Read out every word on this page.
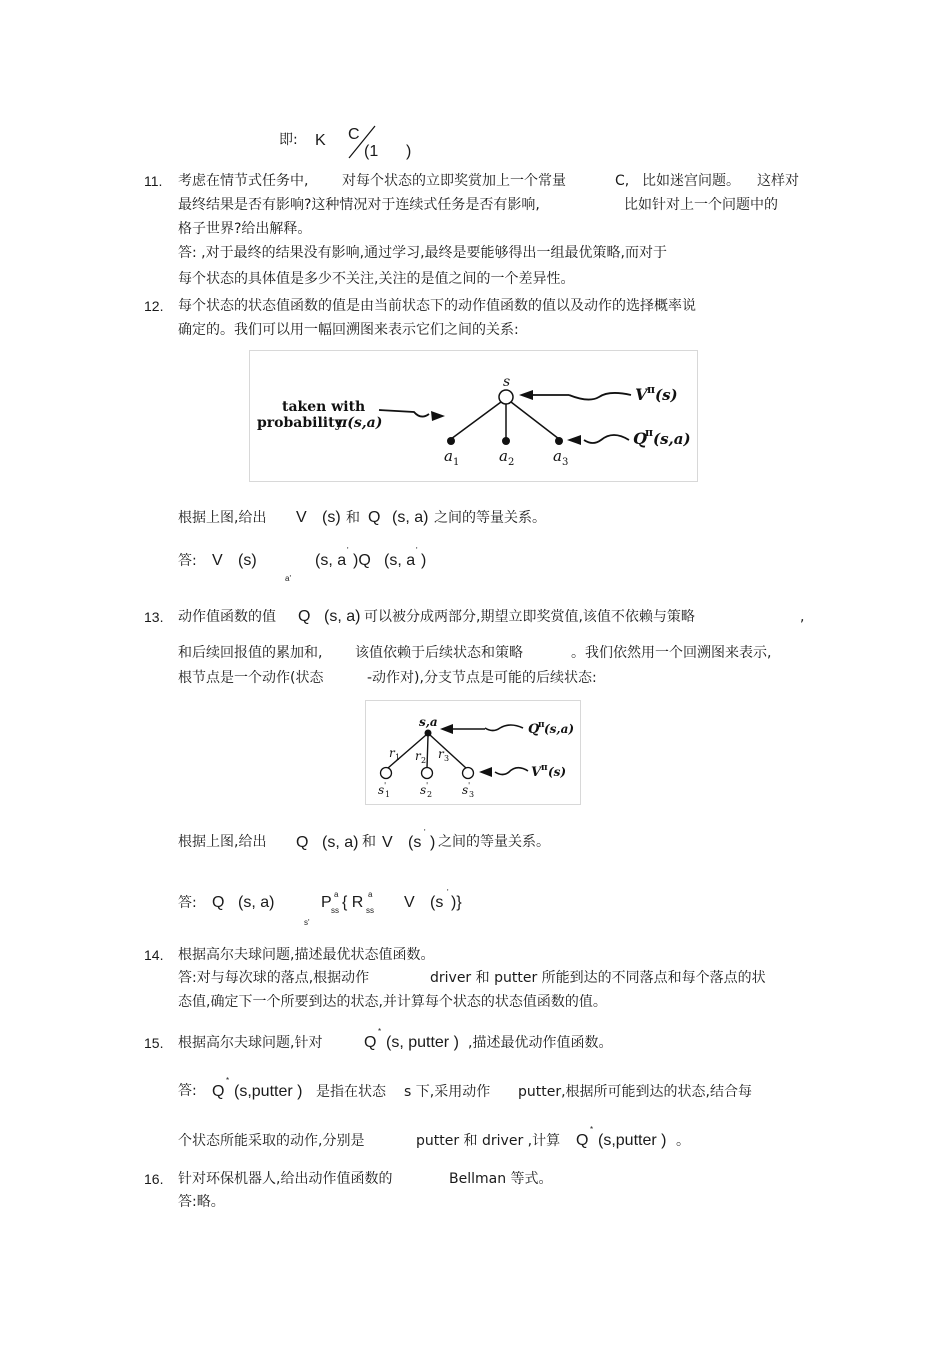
即: K C
(1 )
11. 考虑在情节式任务中, 对每个状态的立即奖赏加上一个常量	C, 比如迷宫问题。 这样对
最终结果是否有影响?这种情况对于连续式任务是否有影响,	比如针对上一个问题中的
格子世界?给出解释。
答: ,对于最终的结果没有影响,通过学习,最终是要能够得出一组最优策略,而对于
每个状态的具体值是多少不关注,关注的是值之间的一个差异性。
12. 每个状态的状态值函数的值是由当前状态下的动作值函数的值以及动作的选择概率说
确定的。我们可以用一幅回溯图来表示它们之间的关系:
s
V π (s)
taken with
probability
π(s,a)
Q
π (s,a)
a 1	a 2	a 3
根据上图,给出 V (s) 和 Q (s, a) 之间的等量关系。
答: V (s)
a'
(s, a
'
)Q (s, a
'
)
13. 动作值函数的值 Q (s, a) 可以被分成两部分,期望立即奖赏值,该值不依赖与策略	,
和后续回报值的累加和, 该值依赖于后续状态和策略	。我们依然用一个回溯图来表示,
根节点是一个动作(状态	-动作对),分支节点是可能的后续状态:
s,a
r 1 r 2 r 3
s '
1 s '
2 s '
3
Q
π (s,a)
V π (s)
根据上图,给出 Q (s, a) 和 V (s
'
) 之间的等量关系。
答: Q (s, a)
s'
P a
ss { R a
ss V (s
'
)}
14. 根据高尔夫球问题,描述最优状态值函数。
答:对与每次球的落点,根据动作	driver 和 putter 所能到达的不同落点和每个落点的状
态值,确定下一个所要到达的状态,并计算每个状态的状态值函数的值。
15. 根据高尔夫球问题,针对	Q
*
(s, putter ) ,描述最优动作值函数。
答: Q
*
(s,putter ) 是指在状态 s 下,采用动作 putter,根据所可能到达的状态,结合每
个状态所能采取的动作,分别是	putter 和 driver ,计算 Q
*
(s,putter ) 。
16. 针对环保机器人,给出动作值函数的	Bellman 等式。
答:略。
